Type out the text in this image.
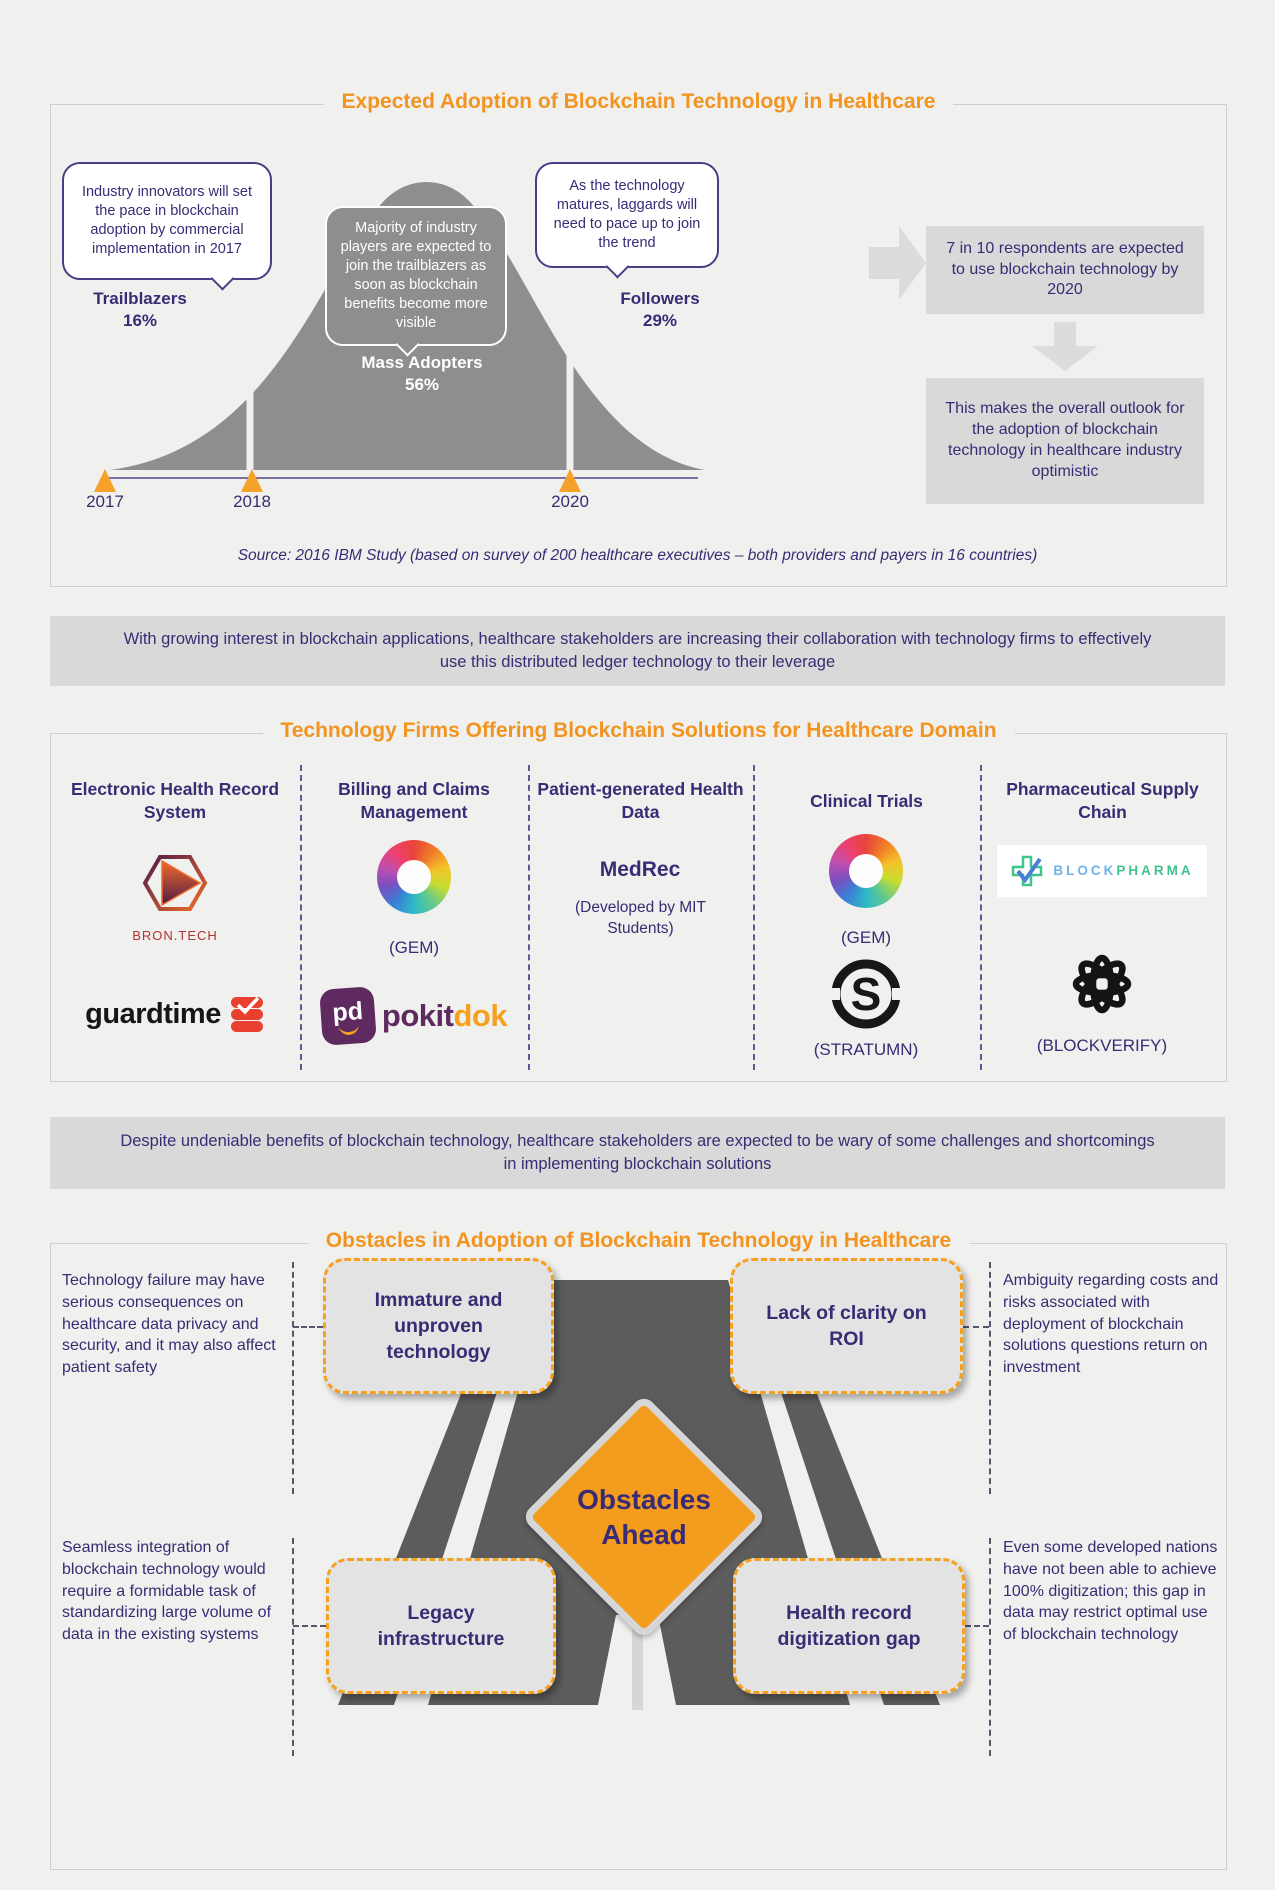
Expected Adoption of Blockchain Technology in Healthcare
2017	2018	2020
Industry innovators will set the pace in blockchain adoption by commercial implementation in 2017
Majority of industry players are expected to join the trailblazers as soon as blockchain benefits become more visible
As the technology matures, laggards will need to pace up to join the trend
Trailblazers
16%
Mass Adopters
56%
Followers
29%
7 in 10 respondents are expected to use blockchain technology by 2020
This makes the overall outlook for the adoption of blockchain technology in healthcare industry optimistic
Source: 2016 IBM Study (based on survey of 200 healthcare executives – both providers and payers in 16 countries)
With growing interest in blockchain applications, healthcare stakeholders are increasing their collaboration with technology firms to effectively use this distributed ledger technology to their leverage
Technology Firms Offering Blockchain Solutions for Healthcare Domain
Electronic Health Record System
Billing and Claims Management
Patient-generated Health Data
Clinical Trials
Pharmaceutical Supply Chain
BRON.TECH
guardtime
(GEM)
pd pokitdok
MedRec
(Developed by MIT Students)	(GEM)
S
(STRATUMN)
BLOCKPHARMA
(BLOCKVERIFY)
Despite undeniable benefits of blockchain technology, healthcare stakeholders are expected to be wary of some challenges and shortcomings in implementing blockchain solutions
Obstacles in Adoption of Blockchain Technology in Healthcare
Obstacles
Ahead
Immature and unproven technology
Lack of clarity on ROI
Legacy infrastructure
Health record digitization gap
Technology failure may have serious consequences on healthcare data privacy and security, and it may also affect patient safety
Seamless integration of blockchain technology would require a formidable task of standardizing large volume of data in the existing systems
Ambiguity regarding costs and risks associated with deployment of blockchain solutions questions return on investment
Even some developed nations have not been able to achieve 100% digitization; this gap in data may restrict optimal use of blockchain technology
